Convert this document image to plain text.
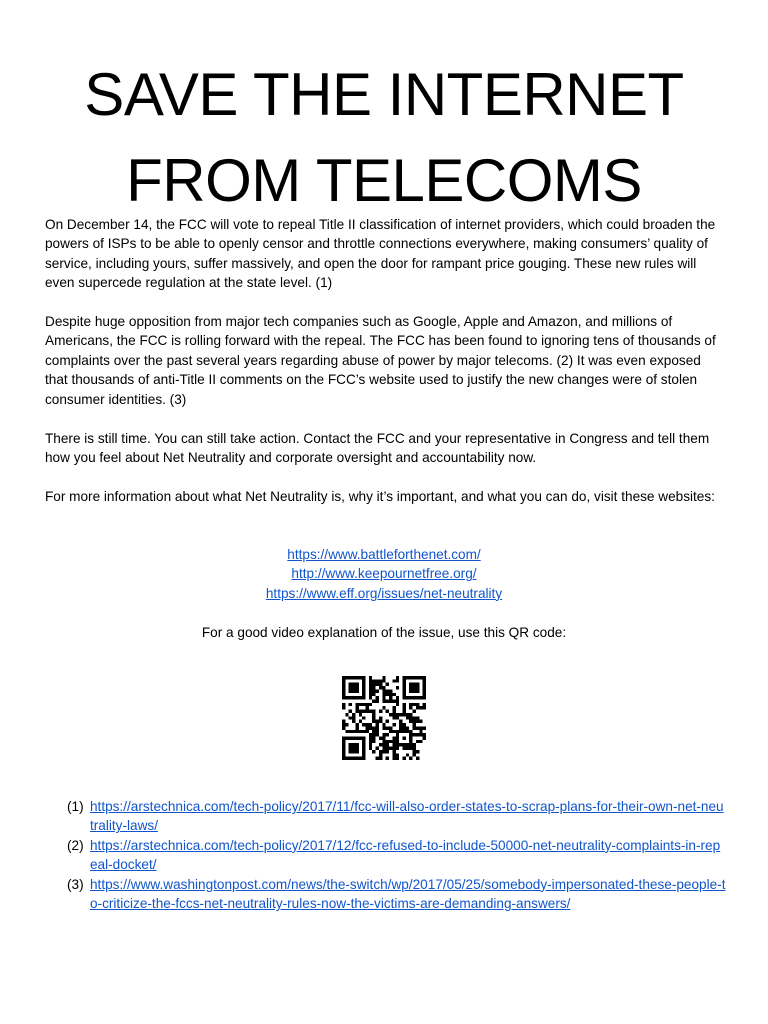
SAVE THE INTERNET
FROM TELECOMS

On December 14, the FCC will vote to repeal Title II classification of internet providers, which could broaden the powers of ISPs to be able to openly censor and throttle connections everywhere, making consumers’ quality of service, including yours, suffer massively, and open the door for rampant price gouging. These new rules will even supercede regulation at the state level. (1)

Despite huge opposition from major tech companies such as Google, Apple and Amazon, and millions of Americans, the FCC is rolling forward with the repeal. The FCC has been found to ignoring tens of thousands of complaints over the past several years regarding abuse of power by major telecoms. (2) It was even exposed that thousands of anti-Title II comments on the FCC’s website used to justify the new changes were of stolen consumer identities. (3)

There is still time. You can still take action. Contact the FCC and your representative in Congress and tell them how you feel about Net Neutrality and corporate oversight and accountability now.

For more information about what Net Neutrality is, why it’s important, and what you can do, visit these websites:

https://www.battleforthenet.com/
http://www.keepournetfree.org/
https://www.eff.org/issues/net-neutrality

For a good video explanation of the issue, use this QR code:

(1) https://arstechnica.com/tech-policy/2017/11/fcc-will-also-order-states-to-scrap-plans-for-their-own-net-neutrality-laws/
(2) https://arstechnica.com/tech-policy/2017/12/fcc-refused-to-include-50000-net-neutrality-complaints-in-repeal-docket/
(3) https://www.washingtonpost.com/news/the-switch/wp/2017/05/25/somebody-impersonated-these-people-to-criticize-the-fccs-net-neutrality-rules-now-the-victims-are-demanding-answers/
